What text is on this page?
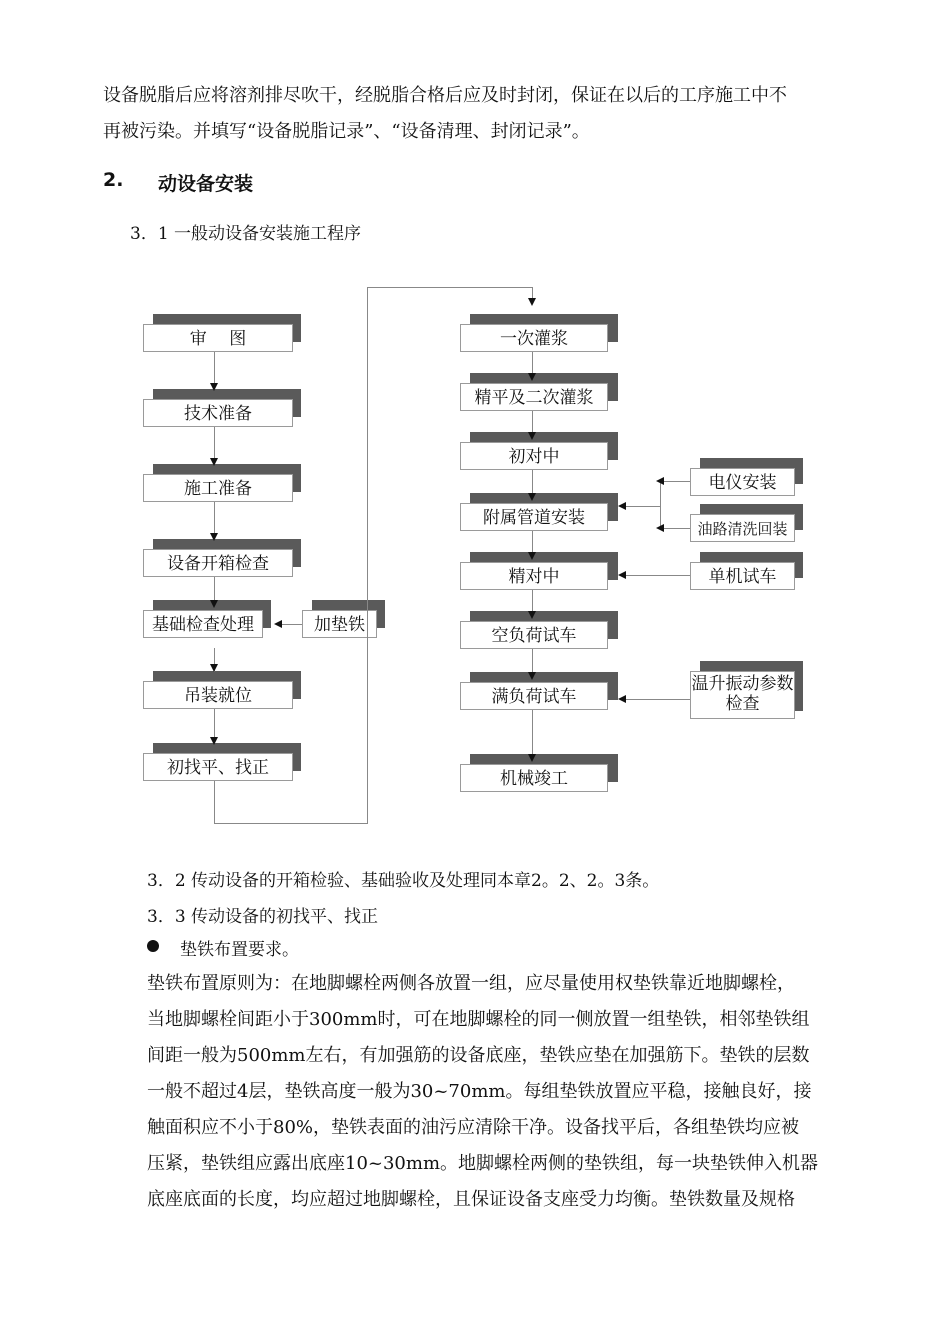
设备脱脂后应将溶剂排尽吹干，经脱脂合格后应及时封闭，保证在以后的工序施工中不
再被污染。并填写“设备脱脂记录”、“设备清理、封闭记录”。
2. 动设备安装
3．1 一般动设备安装施工程序
审　 图
技术准备
施工准备
设备开箱检查
基础检查处理
吊装就位
初找平、找正
加垫铁
一次灌浆
精平及二次灌浆
初对中
附属管道安装
精对中
空负荷试车
满负荷试车
机械竣工
电仪安装
油路清洗回装
单机试车
温升振动参数检查
3．2 传动设备的开箱检验、基础验收及处理同本章2。2、2。3条。
3．3 传动设备的初找平、找正
垫铁布置要求。
垫铁布置原则为：在地脚螺栓两侧各放置一组，应尽量使用权垫铁靠近地脚螺栓，
当地脚螺栓间距小于300mm时，可在地脚螺栓的同一侧放置一组垫铁，相邻垫铁组
间距一般为500mm左右，有加强筋的设备底座，垫铁应垫在加强筋下。垫铁的层数
一般不超过4层，垫铁高度一般为30~70mm。每组垫铁放置应平稳，接触良好，接
触面积应不小于80%，垫铁表面的油污应清除干净。设备找平后，各组垫铁均应被
压紧，垫铁组应露出底座10~30mm。地脚螺栓两侧的垫铁组，每一块垫铁伸入机器
底座底面的长度，均应超过地脚螺栓，且保证设备支座受力均衡。垫铁数量及规格
